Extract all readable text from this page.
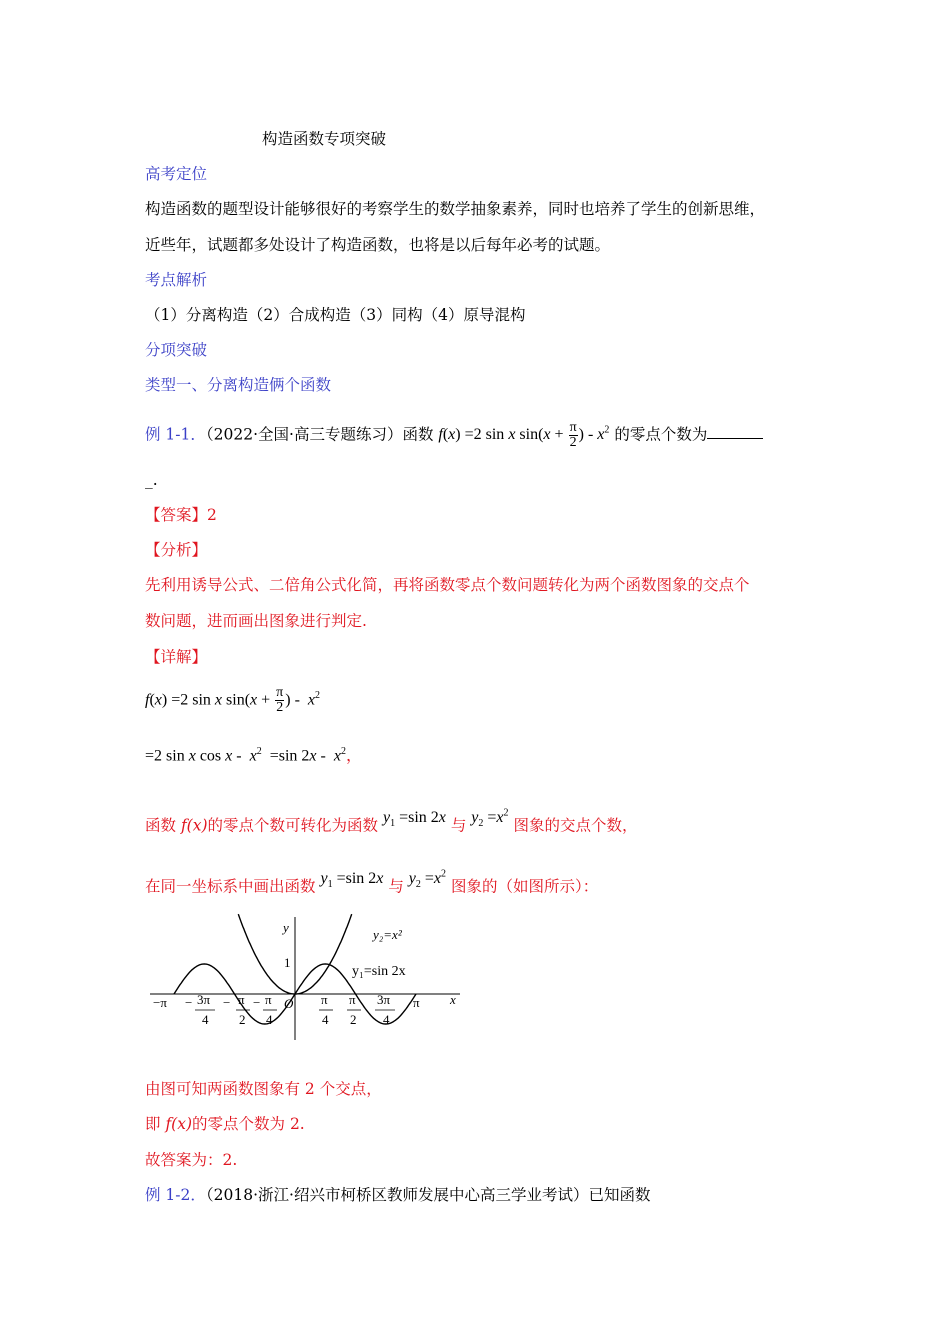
构造函数专项突破
高考定位
构造函数的题型设计能够很好的考察学生的数学抽象素养，同时也培养了学生的创新思维，
近些年，试题都多处设计了构造函数，也将是以后每年必考的试题。
考点解析
（1）分离构造（2）合成构造（3）同构（4）原导混构
分项突破
类型一、分离构造俩个函数
例 1-1．（2022·全国·高三专题练习）函数 f(x) =2 sin x $\sin(x + \frac{\pi}{2}$ ) - $x^2$ 的零点个数为
_.
【答案】2
【分析】
先利用诱导公式、二倍角公式化简，再将函数零点个数问题转化为两个函数图象的交点个
数问题，进而画出图象进行判定.
【详解】
f(x) =2 sin x $\sin(x + \frac{\pi}{2}$ ) -  $x^2$
=2 sin x $\cos x - x^2 =\sin$ $2x - x^2$，
函数 f(x)的零点个数可转化为函数 $y_1 =\sin$ 2x 与 $y_2 =x^2$ 图象的交点个数，
在同一坐标系中画出函数 $y_1 =\sin$ 2x 与 $y_2 =x^2$ 图象的（如图所示）：
y
x
O
1
y₂=x²
y₁=sin 2x
−π − 3π
4
− π
2
− π
4
π
4
π
2
3π
4
π
由图可知两函数图象有 2 个交点，
即 f(x)的零点个数为 2.
故答案为：2.
例 1-2．（2018·浙江·绍兴市柯桥区教师发展中心高三学业考试）已知函数
